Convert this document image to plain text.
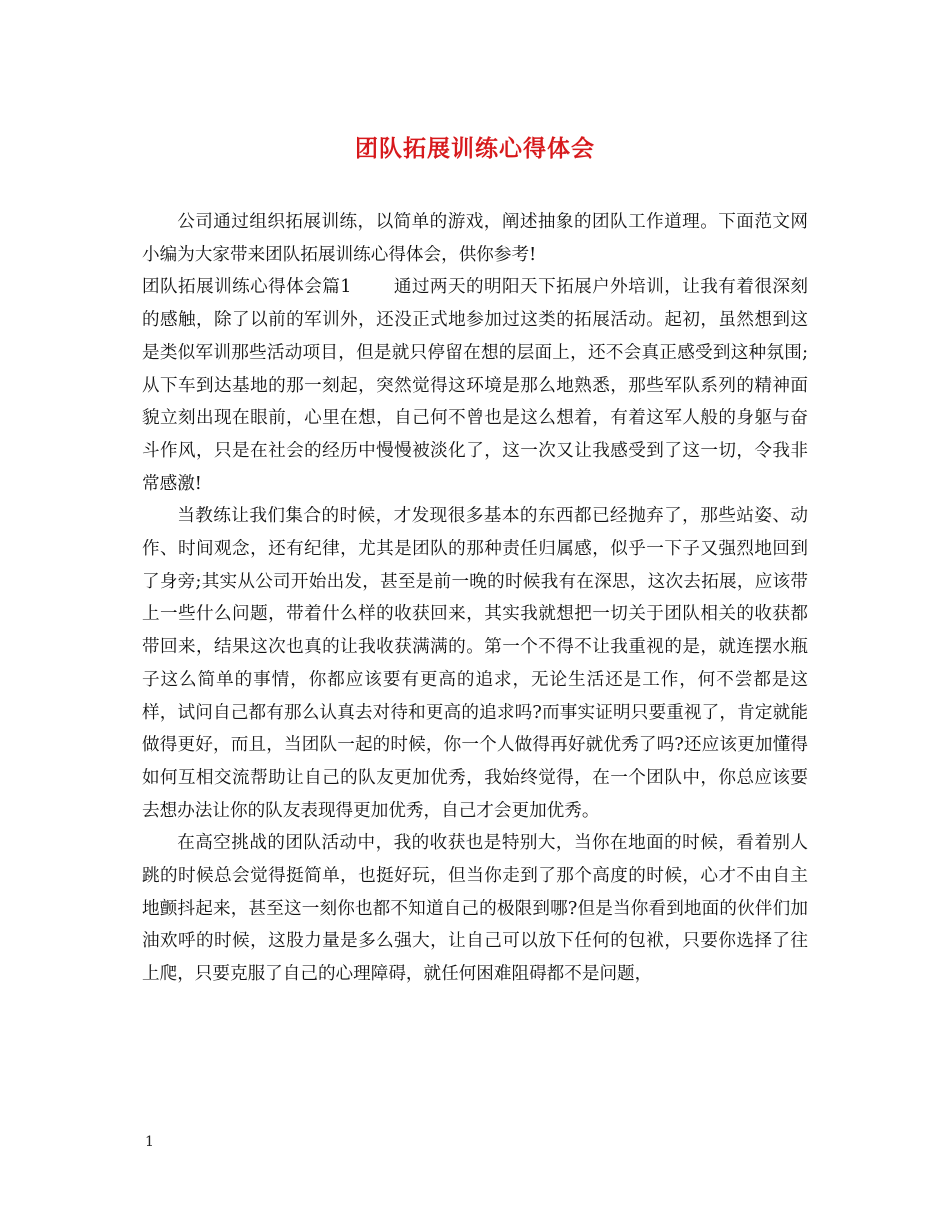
团队拓展训练心得体会

公司通过组织拓展训练，以简单的游戏，阐述抽象的团队工作道理。下面范文网小编为大家带来团队拓展训练心得体会，供你参考!

团队拓展训练心得体会篇1 通过两天的明阳天下拓展户外培训，让我有着很深刻的感触，除了以前的军训外，还没正式地参加过这类的拓展活动。起初，虽然想到这是类似军训那些活动项目，但是就只停留在想的层面上，还不会真正感受到这种氛围;从下车到达基地的那一刻起，突然觉得这环境是那么地熟悉，那些军队系列的精神面貌立刻出现在眼前，心里在想，自己何不曾也是这么想着，有着这军人般的身躯与奋斗作风，只是在社会的经历中慢慢被淡化了，这一次又让我感受到了这一切，令我非常感激!

当教练让我们集合的时候，才发现很多基本的东西都已经抛弃了，那些站姿、动作、时间观念，还有纪律，尤其是团队的那种责任归属感，似乎一下子又强烈地回到了身旁;其实从公司开始出发，甚至是前一晚的时候我有在深思，这次去拓展，应该带上一些什么问题，带着什么样的收获回来，其实我就想把一切关于团队相关的收获都带回来，结果这次也真的让我收获满满的。第一个不得不让我重视的是，就连摆水瓶子这么简单的事情，你都应该要有更高的追求，无论生活还是工作，何不尝都是这样，试问自己都有那么认真去对待和更高的追求吗?而事实证明只要重视了，肯定就能做得更好，而且，当团队一起的时候，你一个人做得再好就优秀了吗?还应该更加懂得如何互相交流帮助让自己的队友更加优秀，我始终觉得，在一个团队中，你总应该要去想办法让你的队友表现得更加优秀，自己才会更加优秀。

在高空挑战的团队活动中，我的收获也是特别大，当你在地面的时候，看着别人跳的时候总会觉得挺简单，也挺好玩，但当你走到了那个高度的时候，心才不由自主地颤抖起来，甚至这一刻你也都不知道自己的极限到哪?但是当你看到地面的伙伴们加油欢呼的时候，这股力量是多么强大，让自己可以放下任何的包袱，只要你选择了往上爬，只要克服了自己的心理障碍，就任何困难阻碍都不是问题，

1
